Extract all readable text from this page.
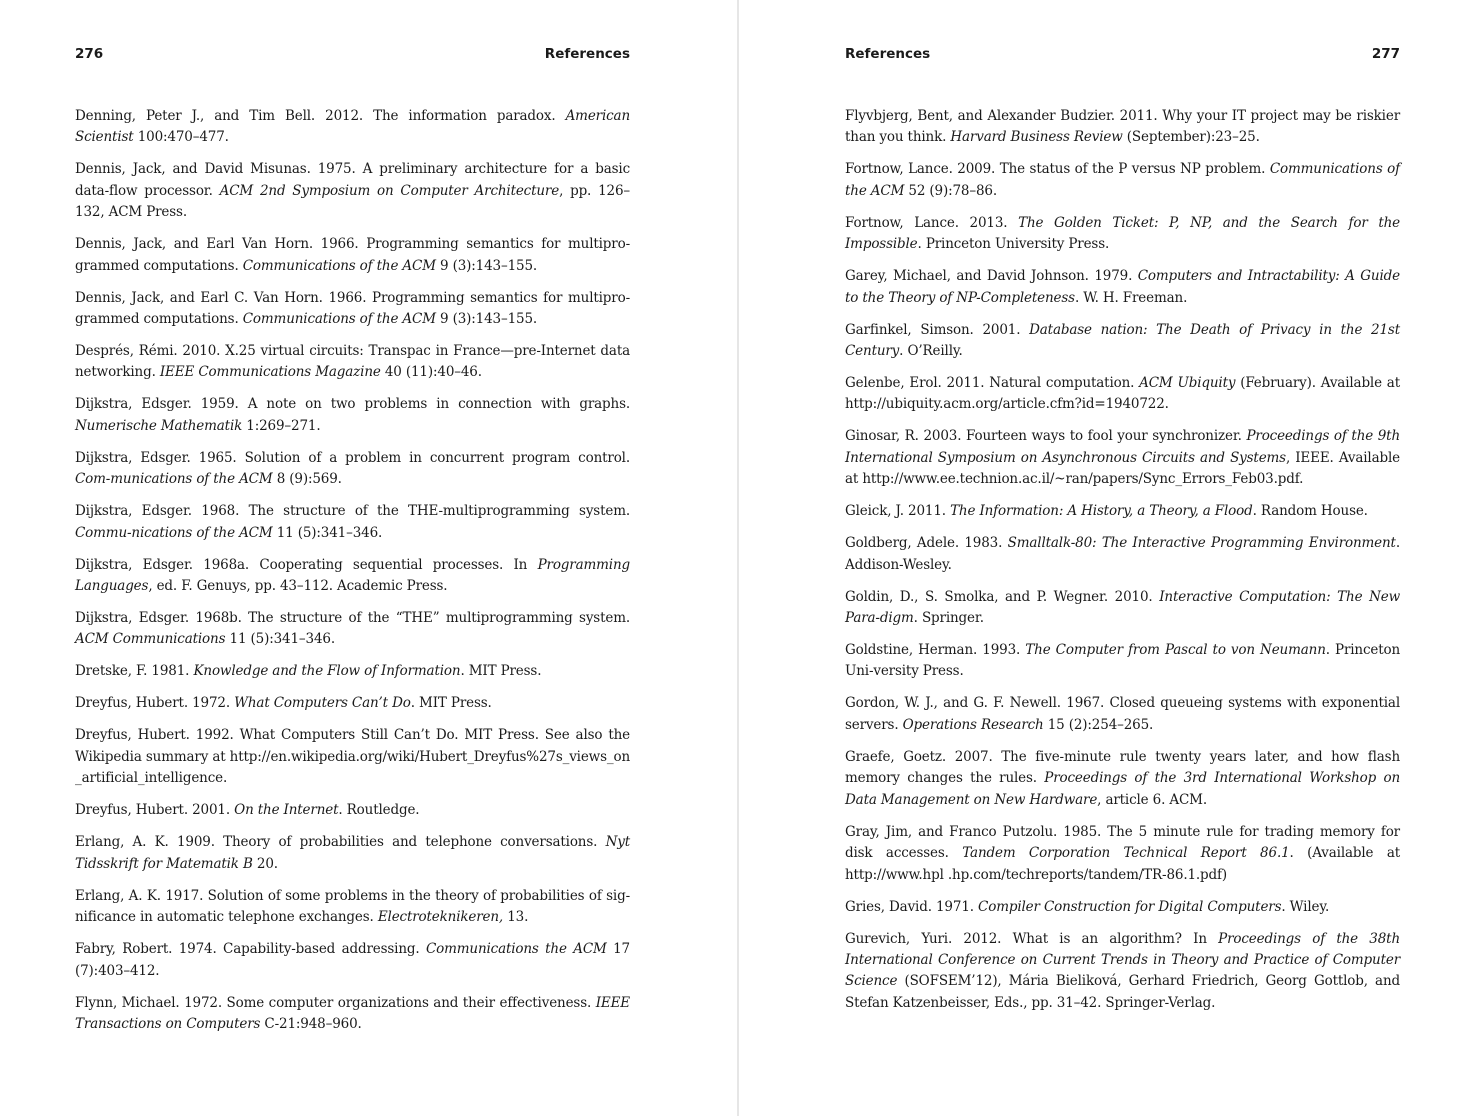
276	References

Denning, Peter J., and Tim Bell. 2012. The information paradox. American Scientist 100:470–477.

Dennis, Jack, and David Misunas. 1975. A preliminary architecture for a basic data-flow processor. ACM 2nd Symposium on Computer Architecture, pp. 126–132, ACM Press.

Dennis, Jack, and Earl Van Horn. 1966. Programming semantics for multipro-grammed computations. Communications of the ACM 9 (3):143–155.

Dennis, Jack, and Earl C. Van Horn. 1966. Programming semantics for multipro-grammed computations. Communications of the ACM 9 (3):143–155.

Després, Rémi. 2010. X.25 virtual circuits: Transpac in France—pre-Internet data networking. IEEE Communications Magazine 40 (11):40–46.

Dijkstra, Edsger. 1959. A note on two problems in connection with graphs. Numerische Mathematik 1:269–271.

Dijkstra, Edsger. 1965. Solution of a problem in concurrent program control. Com-munications of the ACM 8 (9):569.

Dijkstra, Edsger. 1968. The structure of the THE-multiprogramming system. Commu-nications of the ACM 11 (5):341–346.

Dijkstra, Edsger. 1968a. Cooperating sequential processes. In Programming Languages, ed. F. Genuys, pp. 43–112. Academic Press.

Dijkstra, Edsger. 1968b. The structure of the “THE” multiprogramming system. ACM Communications 11 (5):341–346.

Dretske, F. 1981. Knowledge and the Flow of Information. MIT Press.

Dreyfus, Hubert. 1972. What Computers Can’t Do. MIT Press.

Dreyfus, Hubert. 1992. What Computers Still Can’t Do. MIT Press. See also the Wikipedia summary at http://en.wikipedia.org/wiki/Hubert_Dreyfus%27s_views_on _artificial_intelligence.

Dreyfus, Hubert. 2001. On the Internet. Routledge.

Erlang, A. K. 1909. Theory of probabilities and telephone conversations. Nyt Tidsskrift for Matematik B 20.

Erlang, A. K. 1917. Solution of some problems in the theory of probabilities of sig-nificance in automatic telephone exchanges. Electroteknikeren, 13.

Fabry, Robert. 1974. Capability-based addressing. Communications the ACM 17 (7):403–412.

Flynn, Michael. 1972. Some computer organizations and their effectiveness. IEEE Transactions on Computers C-21:948–960.

References	277

Flyvbjerg, Bent, and Alexander Budzier. 2011. Why your IT project may be riskier than you think. Harvard Business Review (September):23–25.

Fortnow, Lance. 2009. The status of the P versus NP problem. Communications of the ACM 52 (9):78–86.

Fortnow, Lance. 2013. The Golden Ticket: P, NP, and the Search for the Impossible. Princeton University Press.

Garey, Michael, and David Johnson. 1979. Computers and Intractability: A Guide to the Theory of NP-Completeness. W. H. Freeman.

Garfinkel, Simson. 2001. Database nation: The Death of Privacy in the 21st Century. O’Reilly.

Gelenbe, Erol. 2011. Natural computation. ACM Ubiquity (February). Available at http://ubiquity.acm.org/article.cfm?id=1940722.

Ginosar, R. 2003. Fourteen ways to fool your synchronizer. Proceedings of the 9th International Symposium on Asynchronous Circuits and Systems, IEEE. Available at http://www.ee.technion.ac.il/~ran/papers/Sync_Errors_Feb03.pdf.

Gleick, J. 2011. The Information: A History, a Theory, a Flood. Random House.

Goldberg, Adele. 1983. Smalltalk-80: The Interactive Programming Environment. Addison-Wesley.

Goldin, D., S. Smolka, and P. Wegner. 2010. Interactive Computation: The New Para-digm. Springer.

Goldstine, Herman. 1993. The Computer from Pascal to von Neumann. Princeton Uni-versity Press.

Gordon, W. J., and G. F. Newell. 1967. Closed queueing systems with exponential servers. Operations Research 15 (2):254–265.

Graefe, Goetz. 2007. The five-minute rule twenty years later, and how flash memory changes the rules. Proceedings of the 3rd International Workshop on Data Management on New Hardware, article 6. ACM.

Gray, Jim, and Franco Putzolu. 1985. The 5 minute rule for trading memory for disk accesses. Tandem Corporation Technical Report 86.1. (Available at http://www.hpl .hp.com/techreports/tandem/TR-86.1.pdf)

Gries, David. 1971. Compiler Construction for Digital Computers. Wiley.

Gurevich, Yuri. 2012. What is an algorithm? In Proceedings of the 38th International Conference on Current Trends in Theory and Practice of Computer Science (SOFSEM’12), Mária Bieliková, Gerhard Friedrich, Georg Gottlob, and Stefan Katzenbeisser, Eds., pp. 31–42. Springer-Verlag.
